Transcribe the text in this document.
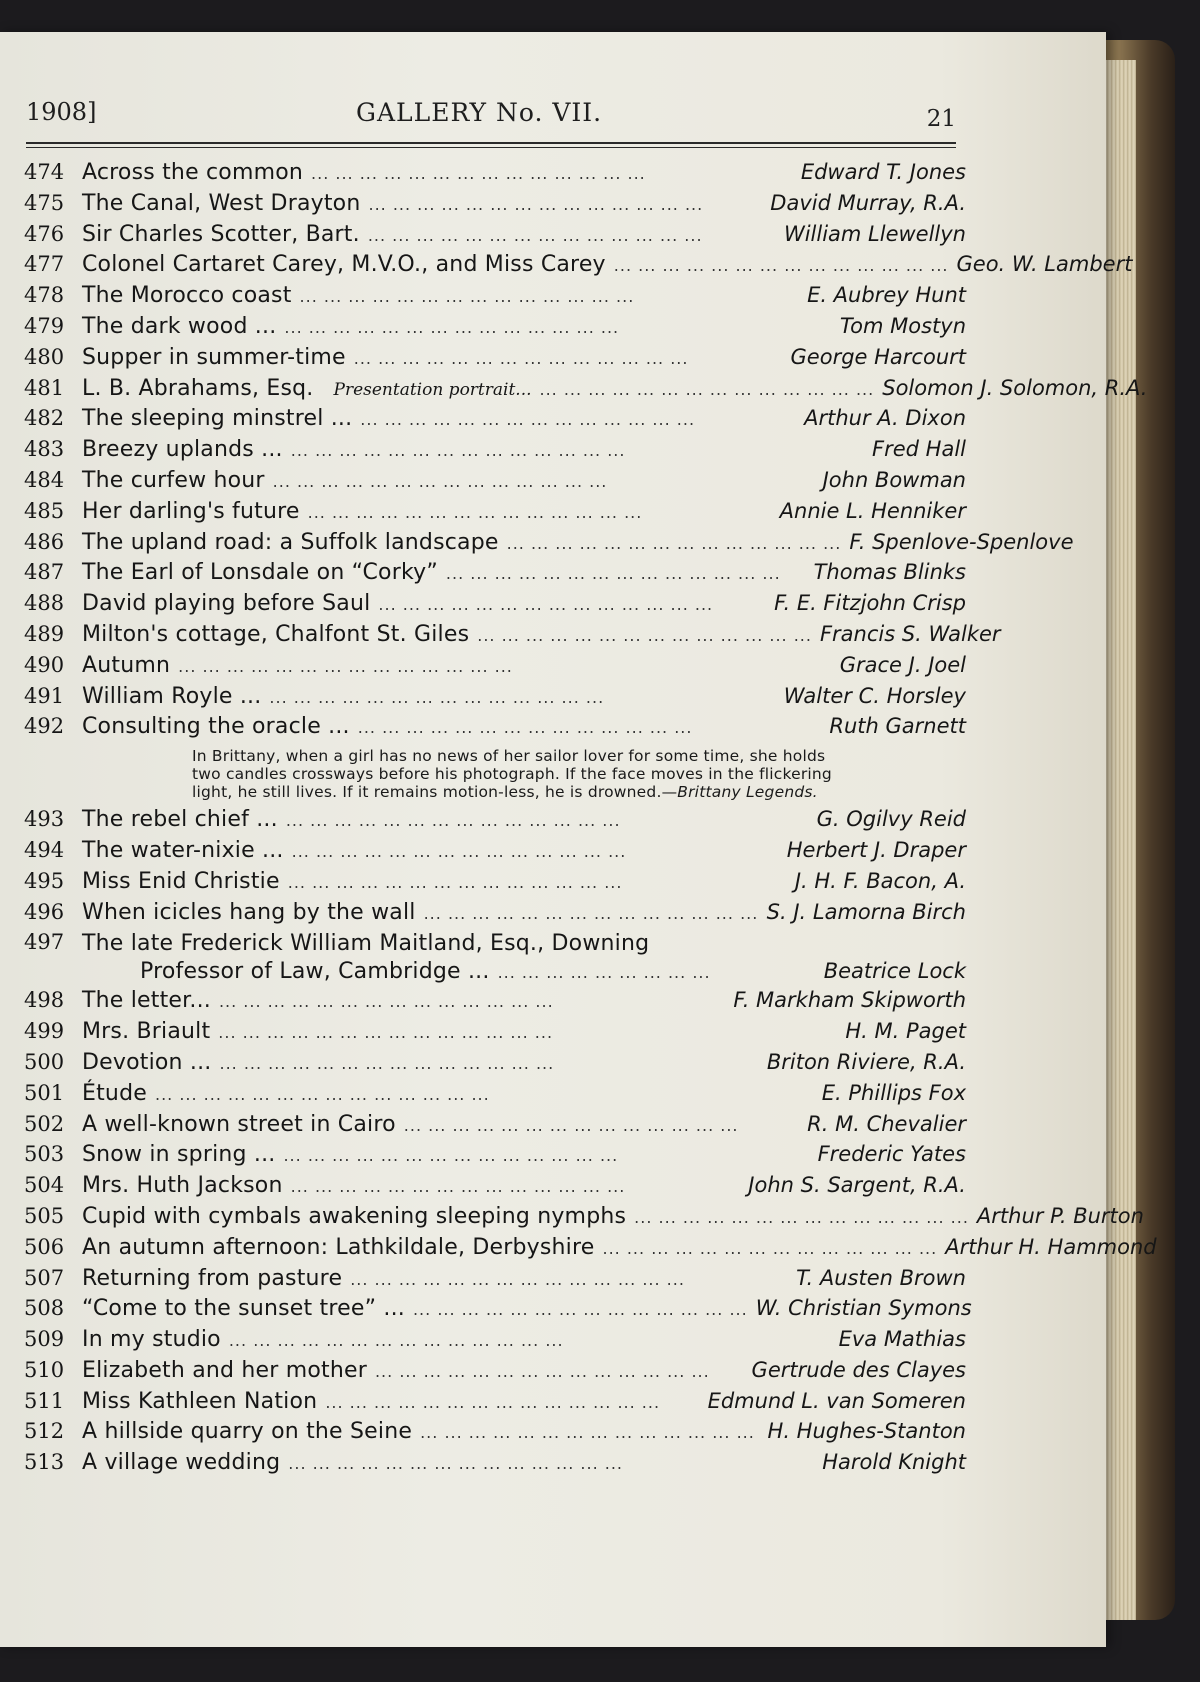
1908]	GALLERY No. VII.	21
474 Across the common ... ... ... ... ... ... ... ... ... ... ... ... ... ...	Edward T. Jones
475 The Canal, West Drayton ... ... ... ... ... ... ... ... ... ... ... ... ... ...	David Murray, R.A.
476 Sir Charles Scotter, Bart. ... ... ... ... ... ... ... ... ... ... ... ... ... ...	William Llewellyn
477 Colonel Cartaret Carey, M.V.O., and Miss Carey ... ... ... ... ... ... ... ... ... ... ... ... ... ... Geo. W. Lambert
478 The Morocco coast ... ... ... ... ... ... ... ... ... ... ... ... ... ...	E. Aubrey Hunt
479 The dark wood ... ... ... ... ... ... ... ... ... ... ... ... ... ... ...	Tom Mostyn
480 Supper in summer-time ... ... ... ... ... ... ... ... ... ... ... ... ... ...	George Harcourt
481 L. B. Abrahams, Esq. Presentation portrait... ... ... ... ... ... ... ... ... ... ... ... ... ... ... Solomon J. Solomon, R.A.
482 The sleeping minstrel ... ... ... ... ... ... ... ... ... ... ... ... ... ... ...	Arthur A. Dixon
483 Breezy uplands ... ... ... ... ... ... ... ... ... ... ... ... ... ... ...	Fred Hall
484 The curfew hour ... ... ... ... ... ... ... ... ... ... ... ... ... ...	John Bowman
485 Her darling's future ... ... ... ... ... ... ... ... ... ... ... ... ... ...	Annie L. Henniker
486 The upland road: a Suffolk landscape ... ... ... ... ... ... ... ... ... ... ... ... ... ... F. Spenlove-Spenlove
487 The Earl of Lonsdale on “Corky” ... ... ... ... ... ... ... ... ... ... ... ... ... ...	Thomas Blinks
488 David playing before Saul ... ... ... ... ... ... ... ... ... ... ... ... ... ...	F. E. Fitzjohn Crisp
489 Milton's cottage, Chalfont St. Giles ... ... ... ... ... ... ... ... ... ... ... ... ... ... Francis S. Walker
490 Autumn ... ... ... ... ... ... ... ... ... ... ... ... ... ...	Grace J. Joel
491 William Royle ... ... ... ... ... ... ... ... ... ... ... ... ... ... ...	Walter C. Horsley
492 Consulting the oracle ... ... ... ... ... ... ... ... ... ... ... ... ... ... ...	Ruth Garnett
In Brittany, when a girl has no news of her sailor lover for some time, she holds two candles crossways before his photograph. If the face moves in the flickering light, he still lives. If it remains motion-less, he is drowned.—Brittany Legends.
493 The rebel chief ... ... ... ... ... ... ... ... ... ... ... ... ... ... ...	G. Ogilvy Reid
494 The water-nixie ... ... ... ... ... ... ... ... ... ... ... ... ... ... ...	Herbert J. Draper
495 Miss Enid Christie ... ... ... ... ... ... ... ... ... ... ... ... ... ...	J. H. F. Bacon, A.
496 When icicles hang by the wall ... ... ... ... ... ... ... ... ... ... ... ... ... ... S. J. Lamorna Birch
497 The late Frederick William Maitland, Esq., Downing
Professor of Law, Cambridge ... ... ... ... ... ... ... ... ... ...	Beatrice Lock
498 The letter... ... ... ... ... ... ... ... ... ... ... ... ... ... ...	F. Markham Skipworth
499 Mrs. Briault ... ... ... ... ... ... ... ... ... ... ... ... ... ...	H. M. Paget
500 Devotion ... ... ... ... ... ... ... ... ... ... ... ... ... ... ...	Briton Riviere, R.A.
501 Étude ... ... ... ... ... ... ... ... ... ... ... ... ... ...	E. Phillips Fox
502 A well-known street in Cairo ... ... ... ... ... ... ... ... ... ... ... ... ... ...	R. M. Chevalier
503 Snow in spring ... ... ... ... ... ... ... ... ... ... ... ... ... ... ...	Frederic Yates
504 Mrs. Huth Jackson ... ... ... ... ... ... ... ... ... ... ... ... ... ...	John S. Sargent, R.A.
505 Cupid with cymbals awakening sleeping nymphs ... ... ... ... ... ... ... ... ... ... ... ... ... ... Arthur P. Burton
506 An autumn afternoon: Lathkildale, Derbyshire ... ... ... ... ... ... ... ... ... ... ... ... ... ... Arthur H. Hammond
507 Returning from pasture ... ... ... ... ... ... ... ... ... ... ... ... ... ...	T. Austen Brown
508 “Come to the sunset tree” ... ... ... ... ... ... ... ... ... ... ... ... ... ... ... W. Christian Symons
509 In my studio ... ... ... ... ... ... ... ... ... ... ... ... ... ...	Eva Mathias
510 Elizabeth and her mother ... ... ... ... ... ... ... ... ... ... ... ... ... ...	Gertrude des Clayes
511 Miss Kathleen Nation ... ... ... ... ... ... ... ... ... ... ... ... ... ...	Edmund L. van Someren
512 A hillside quarry on the Seine ... ... ... ... ... ... ... ... ... ... ... ... ... ... H. Hughes-Stanton
513 A village wedding ... ... ... ... ... ... ... ... ... ... ... ... ... ...	Harold Knight
